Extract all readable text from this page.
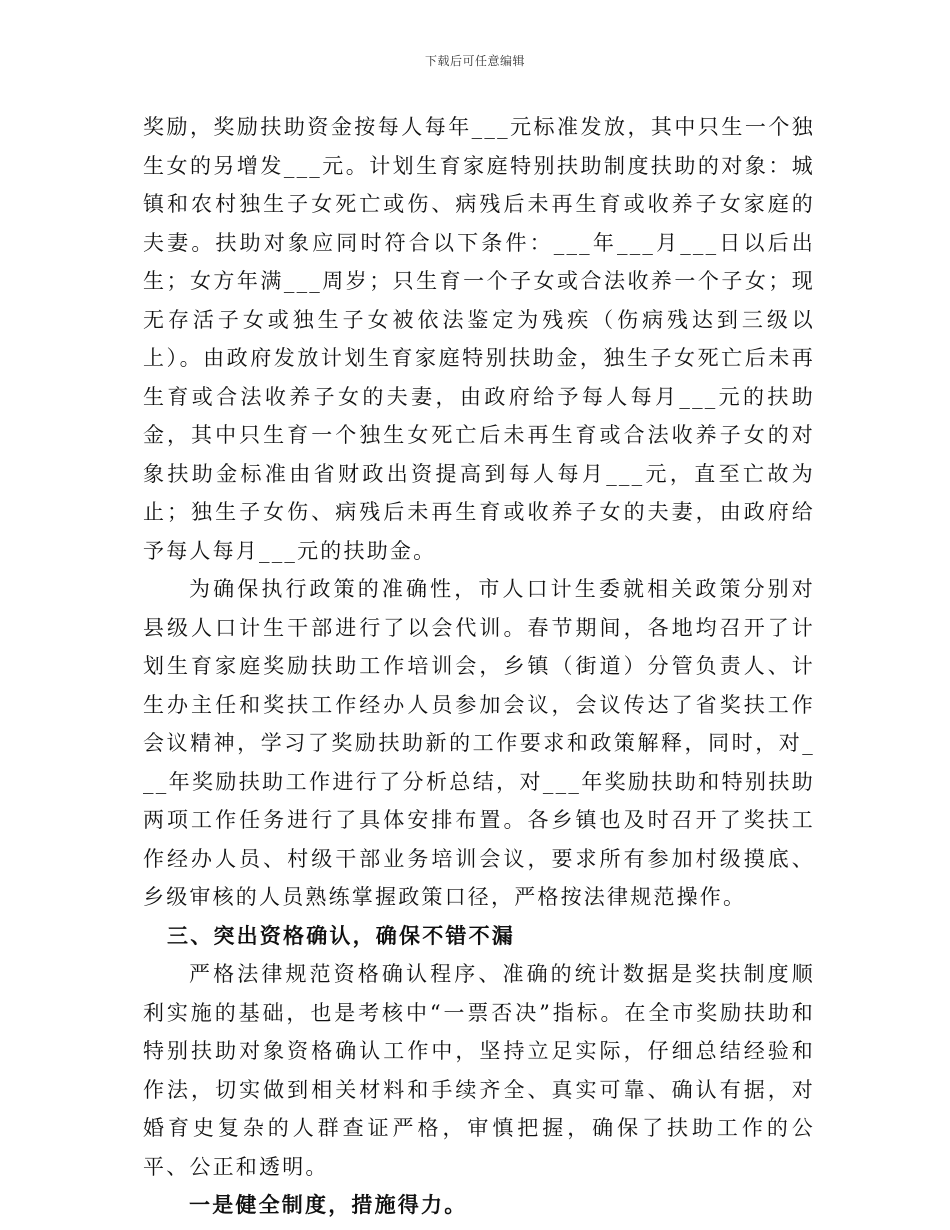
下载后可任意编辑

奖励，奖励扶助资金按每人每年___元标准发放，其中只生一个独生女的另增发___元。计划生育家庭特别扶助制度扶助的对象：城镇和农村独生子女死亡或伤、病残后未再生育或收养子女家庭的夫妻。扶助对象应同时符合以下条件：___年___月___日以后出生；女方年满___周岁；只生育一个子女或合法收养一个子女；现无存活子女或独生子女被依法鉴定为残疾（伤病残达到三级以上）。由政府发放计划生育家庭特别扶助金，独生子女死亡后未再生育或合法收养子女的夫妻，由政府给予每人每月___元的扶助金，其中只生育一个独生女死亡后未再生育或合法收养子女的对象扶助金标准由省财政出资提高到每人每月___元，直至亡故为止；独生子女伤、病残后未再生育或收养子女的夫妻，由政府给予每人每月___元的扶助金。

为确保执行政策的准确性，市人口计生委就相关政策分别对县级人口计生干部进行了以会代训。春节期间，各地均召开了计划生育家庭奖励扶助工作培训会，乡镇（街道）分管负责人、计生办主任和奖扶工作经办人员参加会议，会议传达了省奖扶工作会议精神，学习了奖励扶助新的工作要求和政策解释，同时，对___年奖励扶助工作进行了分析总结，对___年奖励扶助和特别扶助两项工作任务进行了具体安排布置。各乡镇也及时召开了奖扶工作经办人员、村级干部业务培训会议，要求所有参加村级摸底、乡级审核的人员熟练掌握政策口径，严格按法律规范操作。

三、突出资格确认，确保不错不漏

严格法律规范资格确认程序、准确的统计数据是奖扶制度顺利实施的基础，也是考核中“一票否决”指标。在全市奖励扶助和特别扶助对象资格确认工作中，坚持立足实际，仔细总结经验和作法，切实做到相关材料和手续齐全、真实可靠、确认有据，对婚育史复杂的人群查证严格，审慎把握，确保了扶助工作的公平、公正和透明。

一是健全制度，措施得力。
